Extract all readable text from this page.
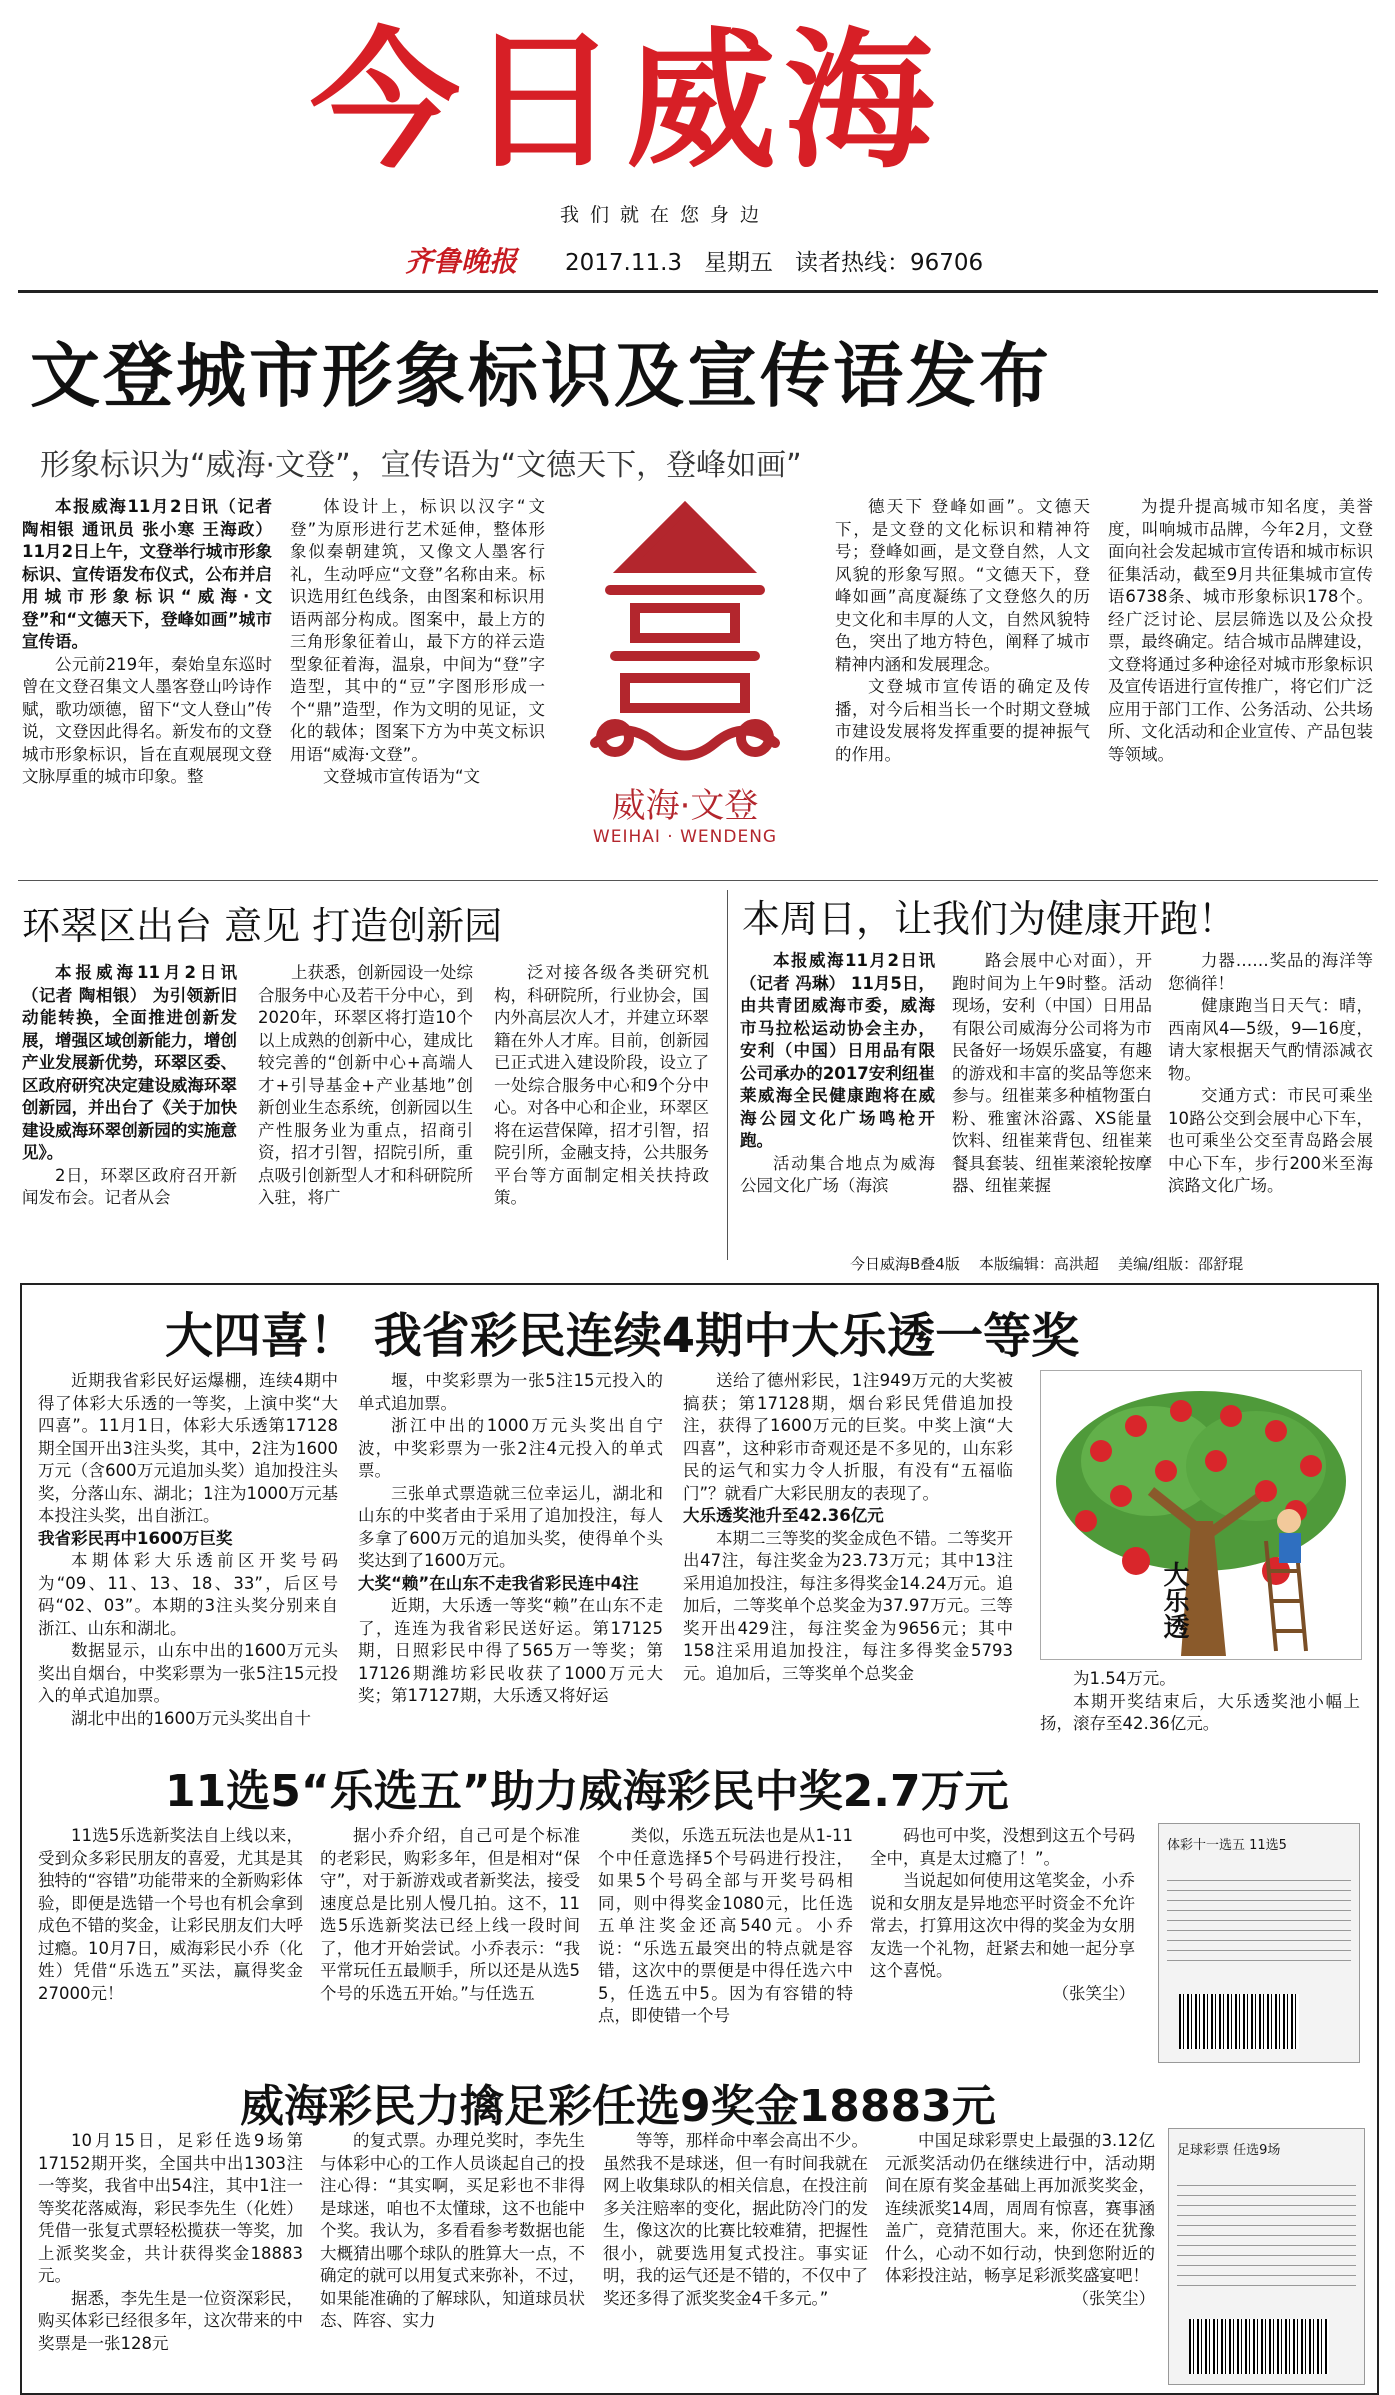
今日威海
我们就在您身边
齐鲁晚报 2017.11.3 星期五 读者热线：96706
文登城市形象标识及宣传语发布
形象标识为“威海·文登”，宣传语为“文德天下，登峰如画”

本报威海11月2日讯（记者 陶相银 通讯员 张小寒 王海政） 11月2日上午，文登举行城市形象标识、宣传语发布仪式，公布并启用城市形象标识“威海·文登”和“文德天下，登峰如画”城市宣传语。

公元前219年，秦始皇东巡时曾在文登召集文人墨客登山吟诗作赋，歌功颂德，留下“文人登山”传说，文登因此得名。新发布的文登城市形象标识，旨在直观展现文登文脉厚重的城市印象。整

体设计上，标识以汉字“文登”为原形进行艺术延伸，整体形象似秦朝建筑，又像文人墨客行礼，生动呼应“文登”名称由来。标识选用红色线条，由图案和标识用语两部分构成。图案中，最上方的三角形象征着山，最下方的祥云造型象征着海，温泉，中间为“登”字造型，其中的“豆”字图形形成一个“鼎”造型，作为文明的见证，文化的载体；图案下方为中英文标识用语“威海·文登”。

文登城市宣传语为“文

威海·文登
WEIHAI · WENDENG

德天下 登峰如画”。文德天下，是文登的文化标识和精神符号；登峰如画，是文登自然，人文风貌的形象写照。“文德天下，登峰如画”高度凝练了文登悠久的历史文化和丰厚的人文，自然风貌特色，突出了地方特色，阐释了城市精神内涵和发展理念。

文登城市宣传语的确定及传播，对今后相当长一个时期文登城市建设发展将发挥重要的提神振气的作用。

为提升提高城市知名度，美誉度，叫响城市品牌，今年2月，文登面向社会发起城市宣传语和城市标识征集活动，截至9月共征集城市宣传语6738条、城市形象标识178个。经广泛讨论、层层筛选以及公众投票，最终确定。结合城市品牌建设，文登将通过多种途径对城市形象标识及宣传语进行宣传推广，将它们广泛应用于部门工作、公务活动、公共场所、文化活动和企业宣传、产品包装等领域。

环翠区出台 意见 打造创新园

本报威海11月2日讯（记者 陶相银） 为引领新旧动能转换，全面推进创新发展，增强区域创新能力，增创产业发展新优势，环翠区委、区政府研究决定建设威海环翠创新园，并出台了《关于加快建设威海环翠创新园的实施意见》。

2日，环翠区政府召开新闻发布会。记者从会

上获悉，创新园设一处综合服务中心及若干分中心，到2020年，环翠区将打造10个以上成熟的创新中心，建成比较完善的“创新中心+高端人才+引导基金+产业基地”创新创业生态系统，创新园以生产性服务业为重点，招商引资，招才引智，招院引所，重点吸引创新型人才和科研院所入驻，将广

泛对接各级各类研究机构，科研院所，行业协会，国内外高层次人才，并建立环翠籍在外人才库。目前，创新园已正式进入建设阶段，设立了一处综合服务中心和9个分中心。对各中心和企业，环翠区将在运营保障，招才引智，招院引所，金融支持，公共服务平台等方面制定相关扶持政策。

本周日，让我们为健康开跑！

本报威海11月2日讯（记者 冯琳） 11月5日，由共青团威海市委，威海市马拉松运动协会主办，安利（中国）日用品有限公司承办的2017安利纽崔莱威海全民健康跑将在威海公园文化广场鸣枪开跑。

活动集合地点为威海公园文化广场（海滨

路会展中心对面），开跑时间为上午9时整。活动现场，安利（中国）日用品有限公司威海分公司将为市民备好一场娱乐盛宴，有趣的游戏和丰富的奖品等您来参与。纽崔莱多种植物蛋白粉、雅蜜沐浴露、XS能量饮料、纽崔莱背包、纽崔莱餐具套装、纽崔莱滚轮按摩器、纽崔莱握

力器……奖品的海洋等您徜徉！

健康跑当日天气：晴，西南风4—5级，9—16度，请大家根据天气酌情添减衣物。

交通方式：市民可乘坐10路公交到会展中心下车，也可乘坐公交至青岛路会展中心下车，步行200米至海滨路文化广场。

今日威海B叠4版 本版编辑：高洪超 美编/组版：邵舒琨
大四喜！ 我省彩民连续4期中大乐透一等奖

近期我省彩民好运爆棚，连续4期中得了体彩大乐透的一等奖，上演中奖“大四喜”。11月1日，体彩大乐透第17128期全国开出3注头奖，其中，2注为1600万元（含600万元追加头奖）追加投注头奖，分落山东、湖北；1注为1000万元基本投注头奖，出自浙江。

我省彩民再中1600万巨奖

本期体彩大乐透前区开奖号码为“09、11、13、18、33”，后区号码“02、03”。本期的3注头奖分别来自浙江、山东和湖北。

数据显示，山东中出的1600万元头奖出自烟台，中奖彩票为一张5注15元投入的单式追加票。

湖北中出的1600万元头奖出自十

堰，中奖彩票为一张5注15元投入的单式追加票。

浙江中出的1000万元头奖出自宁波，中奖彩票为一张2注4元投入的单式票。

三张单式票造就三位幸运儿，湖北和山东的中奖者由于采用了追加投注，每人多拿了600万元的追加头奖，使得单个头奖达到了1600万元。

大奖“赖”在山东不走我省彩民连中4注

近期，大乐透一等奖“赖”在山东不走了，连连为我省彩民送好运。第17125期，日照彩民中得了565万一等奖；第17126期潍坊彩民收获了1000万元大奖；第17127期，大乐透又将好运

送给了德州彩民，1注949万元的大奖被搞获；第17128期，烟台彩民凭借追加投注，获得了1600万元的巨奖。中奖上演“大四喜”，这种彩市奇观还是不多见的，山东彩民的运气和实力令人折服，有没有“五福临门”？就看广大彩民朋友的表现了。

大乐透奖池升至42.36亿元

本期二三等奖的奖金成色不错。二等奖开出47注，每注奖金为23.73万元；其中13注采用追加投注，每注多得奖金14.24万元。追加后，二等奖单个总奖金为37.97万元。三等奖开出429注，每注奖金为9656元；其中158注采用追加投注，每注多得奖金5793元。追加后，三等奖单个总奖金

大乐透

为1.54万元。

本期开奖结束后，大乐透奖池小幅上扬，滚存至42.36亿元。

11选5“乐选五”助力威海彩民中奖2.7万元

11选5乐选新奖法自上线以来，受到众多彩民朋友的喜爱，尤其是其独特的“容错”功能带来的全新购彩体验，即便是选错一个号也有机会拿到成色不错的奖金，让彩民朋友们大呼过瘾。10月7日，威海彩民小乔（化姓）凭借“乐选五”买法，赢得奖金27000元！

据小乔介绍，自己可是个标准的老彩民，购彩多年，但是相对“保守”，对于新游戏或者新奖法，接受速度总是比别人慢几拍。这不，11选5乐选新奖法已经上线一段时间了，他才开始尝试。小乔表示：“我平常玩任五最顺手，所以还是从选5个号的乐选五开始。”与任选五

类似，乐选五玩法也是从1-11个中任意选择5个号码进行投注，如果5个号码全部与开奖号码相同，则中得奖金1080元，比任选五单注奖金还高540元。小乔说：“乐选五最突出的特点就是容错，这次中的票便是中得任选六中5，任选五中5。因为有容错的特点，即使错一个号

码也可中奖，没想到这五个号码全中，真是太过瘾了！”。

当说起如何使用这笔奖金，小乔说和女朋友是异地恋平时资金不允许常去，打算用这次中得的奖金为女朋友选一个礼物，赶紧去和她一起分享这个喜悦。

（张笑尘）

体彩十一选五 11选5
威海彩民力擒足彩任选9奖金18883元

10月15日，足彩任选9场第17152期开奖，全国共中出1303注一等奖，我省中出54注，其中1注一等奖花落威海，彩民李先生（化姓）凭借一张复式票轻松揽获一等奖，加上派奖奖金，共计获得奖金18883元。

据悉，李先生是一位资深彩民，购买体彩已经很多年，这次带来的中奖票是一张128元

的复式票。办理兑奖时，李先生与体彩中心的工作人员谈起自己的投注心得：“其实啊，买足彩也不非得是球迷，咱也不太懂球，这不也能中个奖。我认为，多看看参考数据也能大概猜出哪个球队的胜算大一点，不确定的就可以用复式来弥补，不过，如果能准确的了解球队，知道球员状态、阵容、实力

等等，那样命中率会高出不少。虽然我不是球迷，但一有时间我就在网上收集球队的相关信息，在投注前多关注赔率的变化，据此防冷门的发生，像这次的比赛比较难猜，把握性很小，就要选用复式投注。事实证明，我的运气还是不错的，不仅中了奖还多得了派奖奖金4千多元。”

中国足球彩票史上最强的3.12亿元派奖活动仍在继续进行中，活动期间在原有奖金基础上再加派奖奖金，连续派奖14周，周周有惊喜，赛事涵盖广，竞猜范围大。来，你还在犹豫什么，心动不如行动，快到您附近的体彩投注站，畅享足彩派奖盛宴吧！

（张笑尘）

足球彩票 任选9场
